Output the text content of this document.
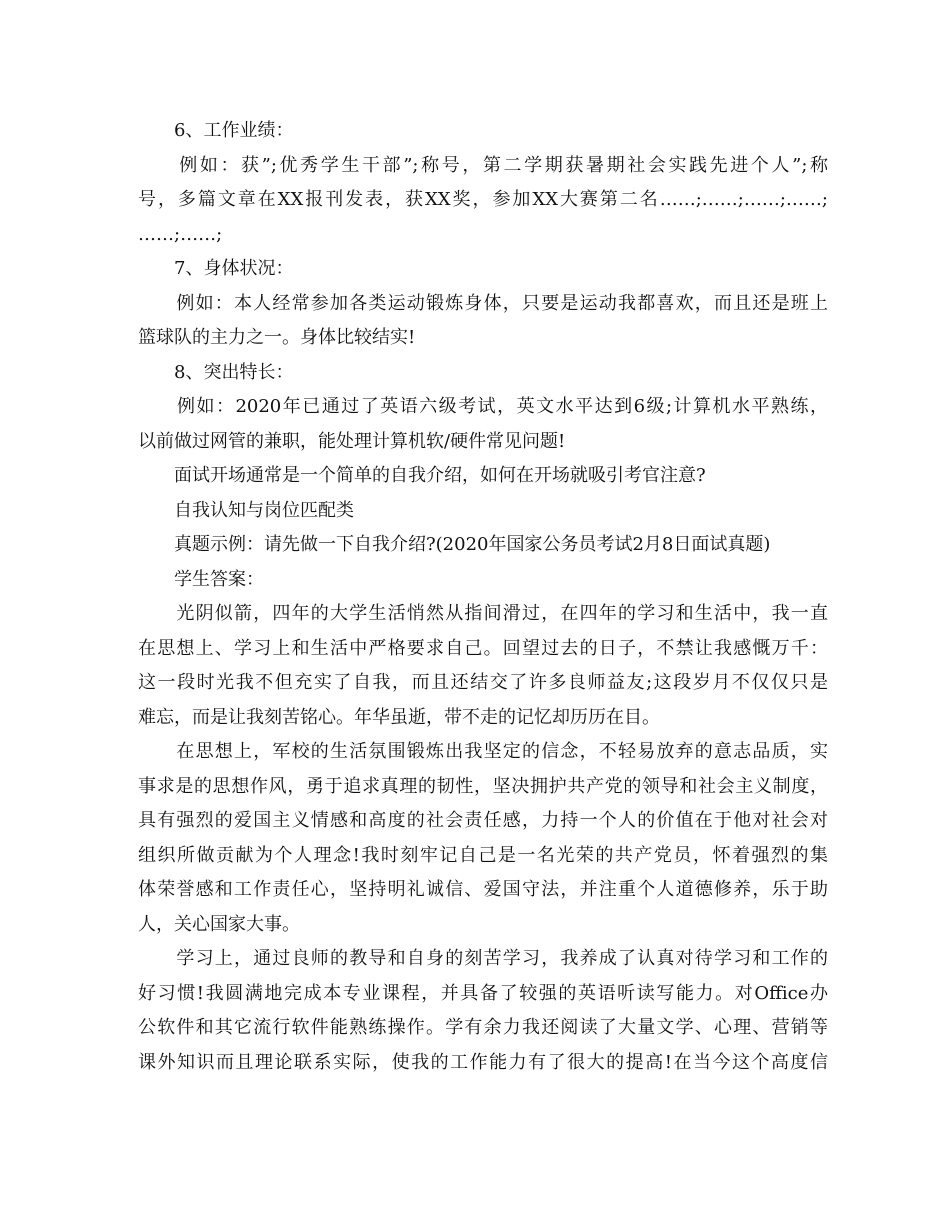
　　6、工作业绩：
　　例如：获”;优秀学生干部”;称号，第二学期获暑期社会实践先进个人”;称
号，多篇文章在XX报刊发表，获XX奖，参加XX大赛第二名……;……;……;……;
……;……;
　　7、身体状况：
　　例如：本人经常参加各类运动锻炼身体，只要是运动我都喜欢，而且还是班上
篮球队的主力之一。身体比较结实!
　　8、突出特长：
　　例如：2020年已通过了英语六级考试，英文水平达到6级;计算机水平熟练，
以前做过网管的兼职，能处理计算机软/硬件常见问题!
　　面试开场通常是一个简单的自我介绍，如何在开场就吸引考官注意?
　　自我认知与岗位匹配类
　　真题示例：请先做一下自我介绍?(2020年国家公务员考试2月8日面试真题)
　　学生答案：
　　光阴似箭，四年的大学生活悄然从指间滑过，在四年的学习和生活中，我一直
在思想上、学习上和生活中严格要求自己。回望过去的日子，不禁让我感慨万千：
这一段时光我不但充实了自我，而且还结交了许多良师益友;这段岁月不仅仅只是
难忘，而是让我刻苦铭心。年华虽逝，带不走的记忆却历历在目。
　　在思想上，军校的生活氛围锻炼出我坚定的信念，不轻易放弃的意志品质，实
事求是的思想作风，勇于追求真理的韧性，坚决拥护共产党的领导和社会主义制度，
具有强烈的爱国主义情感和高度的社会责任感，力持一个人的价值在于他对社会对
组织所做贡献为个人理念!我时刻牢记自己是一名光荣的共产党员，怀着强烈的集
体荣誉感和工作责任心，坚持明礼诚信、爱国守法，并注重个人道德修养，乐于助
人，关心国家大事。
　　学习上，通过良师的教导和自身的刻苦学习，我养成了认真对待学习和工作的
好习惯!我圆满地完成本专业课程，并具备了较强的英语听读写能力。对Office办
公软件和其它流行软件能熟练操作。学有余力我还阅读了大量文学、心理、营销等
课外知识而且理论联系实际，使我的工作能力有了很大的提高!在当今这个高度信
